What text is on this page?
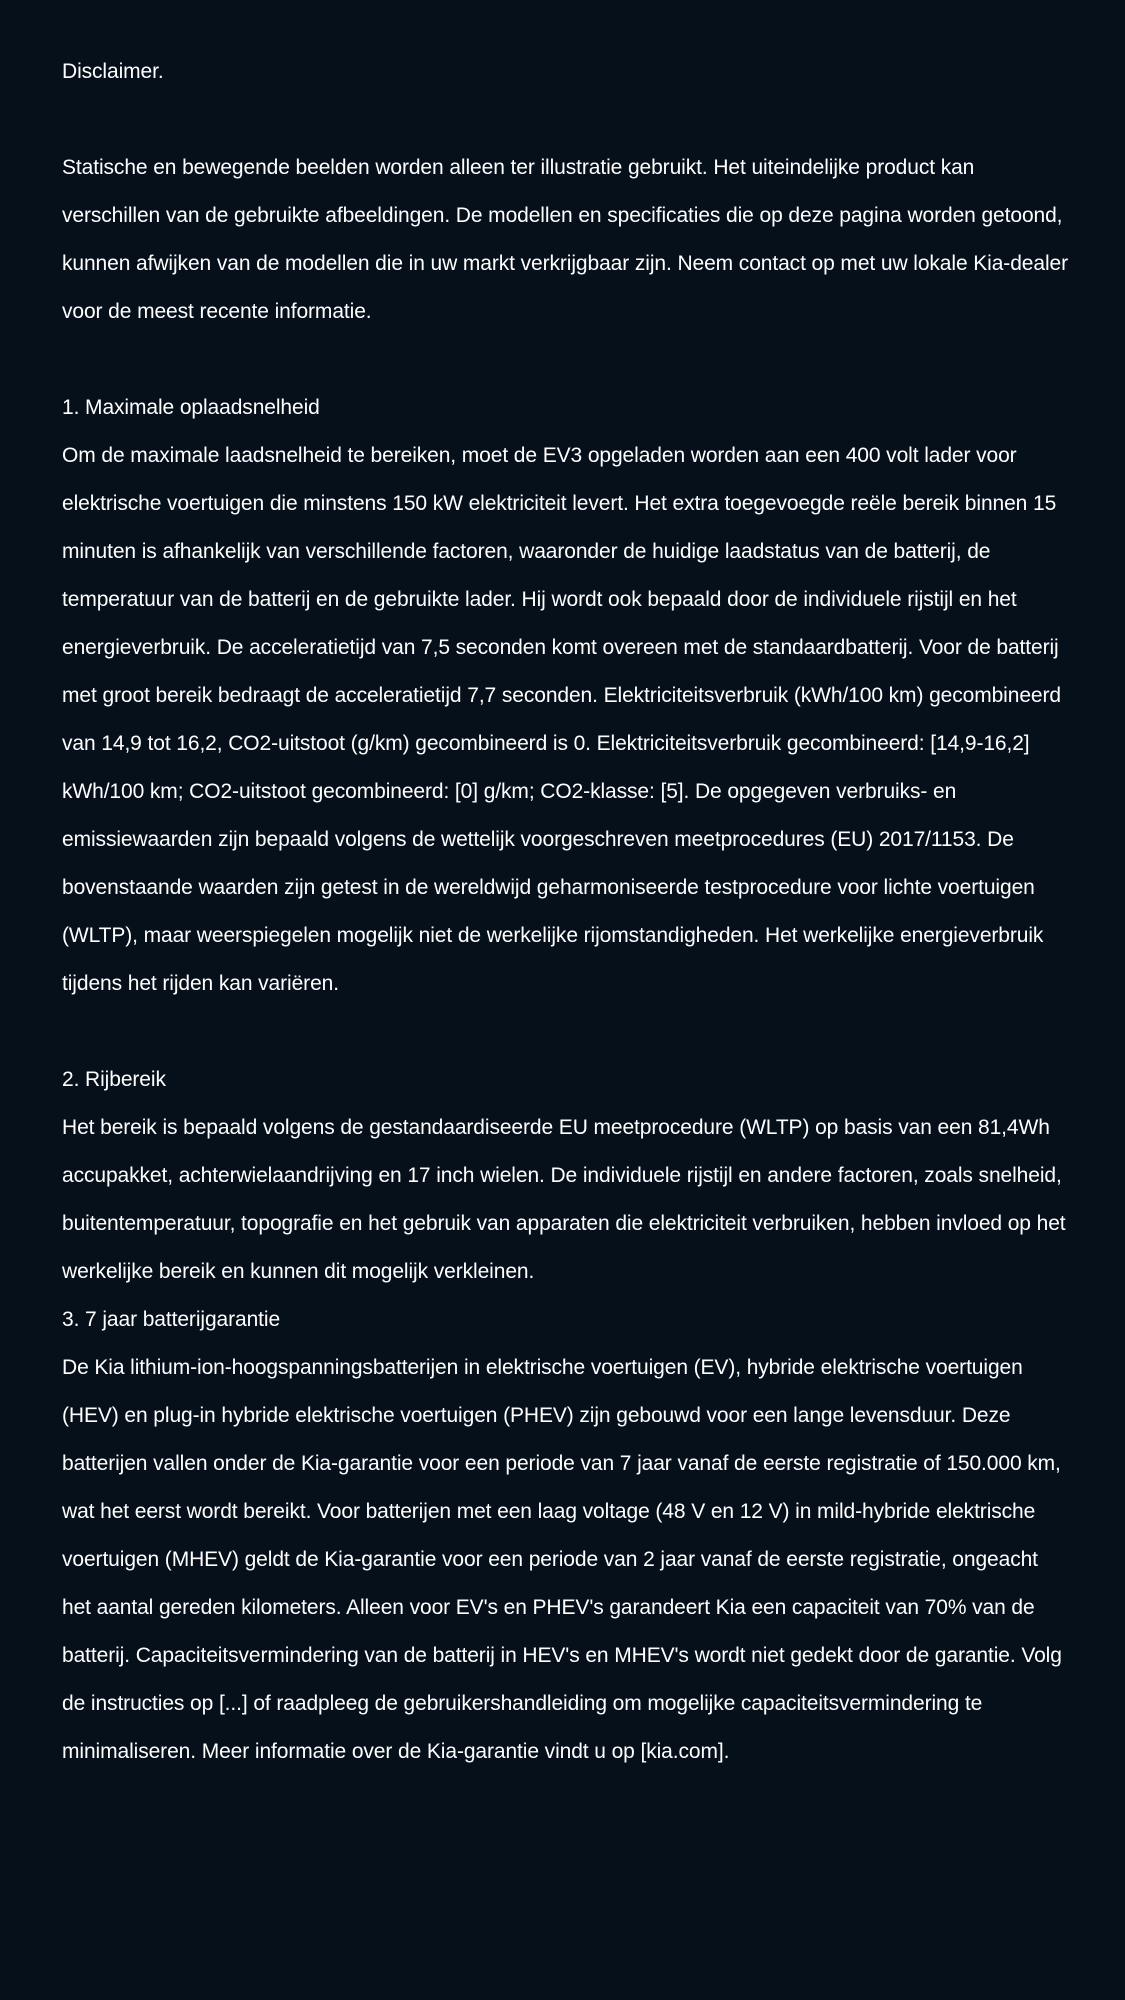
Disclaimer.

Statische en bewegende beelden worden alleen ter illustratie gebruikt. Het uiteindelijke product kan verschillen van de gebruikte afbeeldingen. De modellen en specificaties die op deze pagina worden getoond, kunnen afwijken van de modellen die in uw markt verkrijgbaar zijn. Neem contact op met uw lokale Kia-dealer voor de meest recente informatie.

1. Maximale oplaadsnelheid

Om de maximale laadsnelheid te bereiken, moet de EV3 opgeladen worden aan een 400 volt lader voor elektrische voertuigen die minstens 150 kW elektriciteit levert. Het extra toegevoegde reële bereik binnen 15 minuten is afhankelijk van verschillende factoren, waaronder de huidige laadstatus van de batterij, de temperatuur van de batterij en de gebruikte lader. Hij wordt ook bepaald door de individuele rijstijl en het energieverbruik. De acceleratietijd van 7,5 seconden komt overeen met de standaardbatterij. Voor de batterij met groot bereik bedraagt de acceleratietijd 7,7 seconden. Elektriciteitsverbruik (kWh/100 km) gecombineerd van 14,9 tot 16,2, CO2-uitstoot (g/km) gecombineerd is 0. Elektriciteitsverbruik gecombineerd: [14,9-16,2] kWh/100 km; CO2-uitstoot gecombineerd: [0] g/km; CO2-klasse: [5]. De opgegeven verbruiks- en emissiewaarden zijn bepaald volgens de wettelijk voorgeschreven meetprocedures (EU) 2017/1153. De bovenstaande waarden zijn getest in de wereldwijd geharmoniseerde testprocedure voor lichte voertuigen (WLTP), maar weerspiegelen mogelijk niet de werkelijke rijomstandigheden. Het werkelijke energieverbruik tijdens het rijden kan variëren.

2. Rijbereik

Het bereik is bepaald volgens de gestandaardiseerde EU meetprocedure (WLTP) op basis van een 81,4Wh accupakket, achterwielaandrijving en 17 inch wielen. De individuele rijstijl en andere factoren, zoals snelheid, buitentemperatuur, topografie en het gebruik van apparaten die elektriciteit verbruiken, hebben invloed op het werkelijke bereik en kunnen dit mogelijk verkleinen.

3. 7 jaar batterijgarantie

De Kia lithium-ion-hoogspanningsbatterijen in elektrische voertuigen (EV), hybride elektrische voertuigen (HEV) en plug-in hybride elektrische voertuigen (PHEV) zijn gebouwd voor een lange levensduur. Deze batterijen vallen onder de Kia-garantie voor een periode van 7 jaar vanaf de eerste registratie of 150.000 km, wat het eerst wordt bereikt. Voor batterijen met een laag voltage (48 V en 12 V) in mild-hybride elektrische voertuigen (MHEV) geldt de Kia-garantie voor een periode van 2 jaar vanaf de eerste registratie, ongeacht het aantal gereden kilometers. Alleen voor EV's en PHEV's garandeert Kia een capaciteit van 70% van de batterij. Capaciteitsvermindering van de batterij in HEV's en MHEV's wordt niet gedekt door de garantie. Volg de instructies op [...] of raadpleeg de gebruikershandleiding om mogelijke capaciteitsvermindering te minimaliseren. Meer informatie over de Kia-garantie vindt u op [kia.com].
